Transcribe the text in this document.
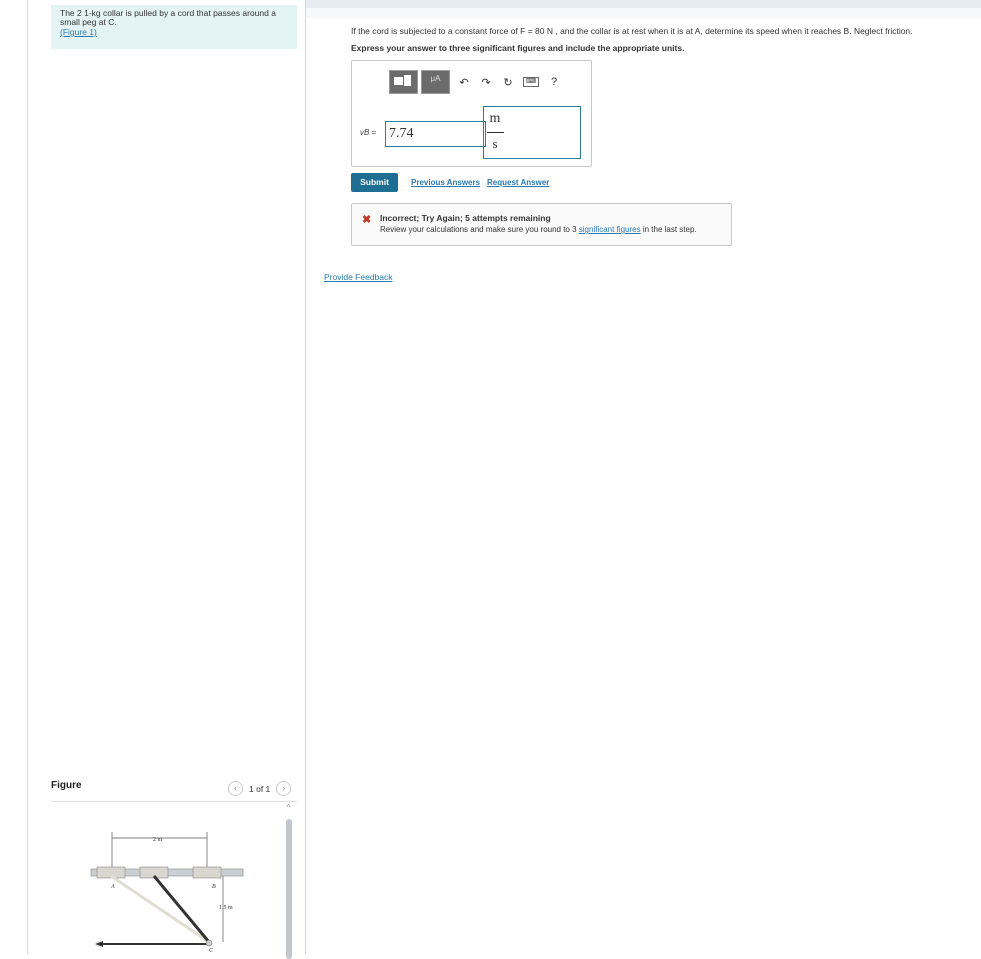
The 2 1-kg collar is pulled by a cord that passes around a small peg at C.

(Figure 1)	If the cord is subjected to a constant force of F = 80 N , and the collar is at rest when it is at A, determine its speed when it reaches B. Neglect friction.
Express your answer to three significant figures and include the appropriate units.
μA	↶	↷	↻	⌨	?
vB = 7.74
m
s
Submit	Previous Answers Request Answer
✖ Incorrect; Try Again; 5 attempts remaining
Review your calculations and make sure you round to 3 significant figures in the last step.
Provide Feedback
Figure	‹	1 of 1	›
^
2 m
1.5 m
A	B
C
